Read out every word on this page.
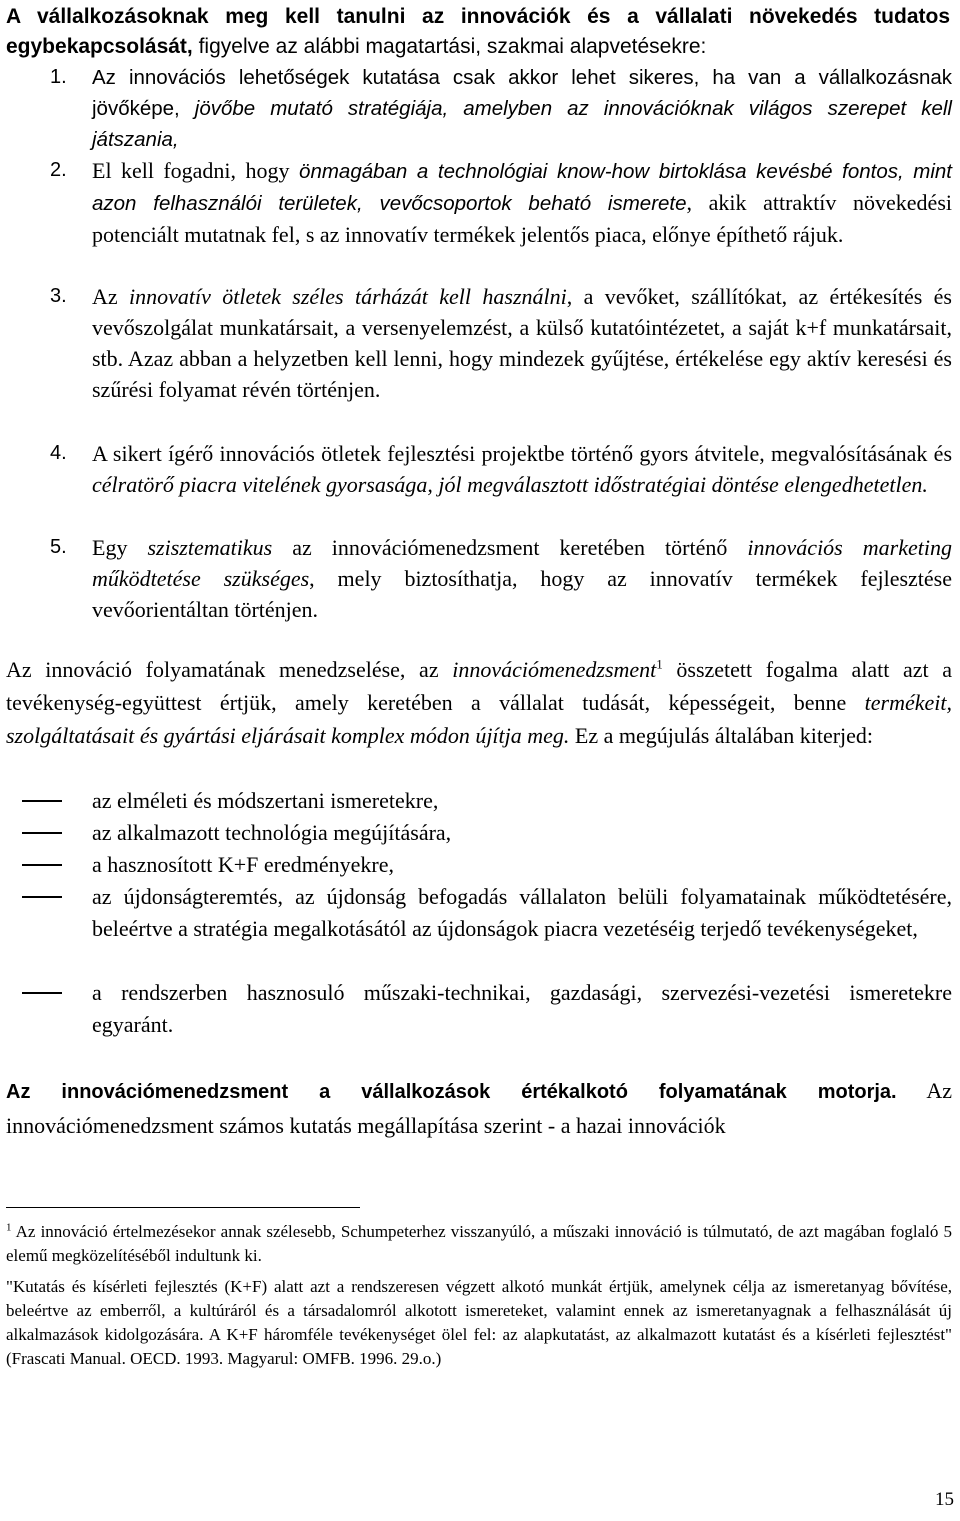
A vállalkozásoknak meg kell tanulni az innovációk és a vállalati növekedés tudatos egybekapcsolását, figyelve az alábbi magatartási, szakmai alapvetésekre:
1.	Az innovációs lehetőségek kutatása csak akkor lehet sikeres, ha van a vállalkozásnak jövőképe, jövőbe mutató stratégiája, amelyben az innovációknak világos szerepet kell játszania,
2.	El kell fogadni, hogy önmagában a technológiai know-how birtoklása kevésbé fontos, mint azon felhasználói területek, vevőcsoportok beható ismerete, akik attraktív növekedési potenciált mutatnak fel, s az innovatív termékek jelentős piaca, előnye építhető rájuk.
3.	Az innovatív ötletek széles tárházát kell használni, a vevőket, szállítókat, az értékesítés és vevőszolgálat munkatársait, a versenyelemzést, a külső kutatóintézetet, a saját k+f munkatársait, stb. Azaz abban a helyzetben kell lenni, hogy mindezek gyűjtése, értékelése egy aktív keresési és szűrési folyamat révén történjen.
4.	A sikert ígérő innovációs ötletek fejlesztési projektbe történő gyors átvitele, megvalósításának és célratörő piacra vitelének gyorsasága, jól megválasztott időstratégiai döntése elengedhetetlen.
5.	Egy szisztematikus az innovációmenedzsment keretében történő innovációs marketing működtetése szükséges, mely biztosíthatja, hogy az innovatív termékek fejlesztése vevőorientáltan történjen.
Az innováció folyamatának menedzselése, az innovációmenedzsment$^1$ összetett fogalma alatt azt a tevékenység-együttest értjük, amely keretében a vállalat tudását, képességeit, benne termékeit, szolgáltatásait és gyártási eljárásait komplex módon újítja meg. Ez a megújulás általában kiterjed:
az elméleti és módszertani ismeretekre,
az alkalmazott technológia megújítására,
a hasznosított K+F eredményekre,
az újdonságteremtés, az újdonság befogadás vállalaton belüli folyamatainak működtetésére, beleértve a stratégia megalkotásától az újdonságok piacra vezetéséig terjedő tevékenységeket,
a rendszerben hasznosuló műszaki-technikai, gazdasági, szervezési-vezetési ismeretekre egyaránt.
Az innovációmenedzsment a vállalkozások értékalkotó folyamatának motorja. Az innovációmenedzsment számos kutatás megállapítása szerint - a hazai innovációk
$^1$ Az innováció értelmezésekor annak szélesebb, Schumpeterhez visszanyúló, a műszaki innováció is túlmutató, de azt magában foglaló 5 elemű megközelítéséből indultunk ki.
"Kutatás és kísérleti fejlesztés (K+F) alatt azt a rendszeresen végzett alkotó munkát értjük, amelynek célja az ismeretanyag bővítése, beleértve az emberről, a kultúráról és a társadalomról alkotott ismereteket, valamint ennek az ismeretanyagnak a felhasználását új alkalmazások kidolgozására. A K+F háromféle tevékenységet ölel fel: az alapkutatást, az alkalmazott kutatást és a kísérleti fejlesztést" (Frascati Manual. OECD. 1993. Magyarul: OMFB. 1996. 29.o.)
15
